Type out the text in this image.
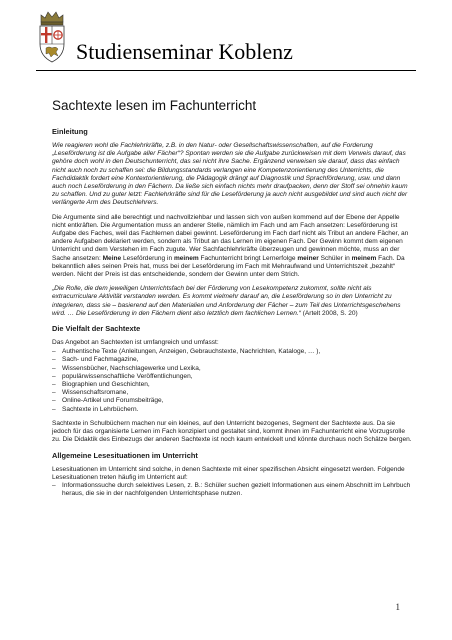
Studienseminar Koblenz
Sachtexte lesen im Fachunterricht
Einleitung

Wie reagieren wohl die Fachlehrkräfte, z.B. in den Natur- oder Gesellschaftswissenschaften, auf die Forderung „Leseförderung ist die Aufgabe aller Fächer“? Spontan werden sie die Aufgabe zurückweisen mit dem Verweis darauf, das gehöre doch wohl in den Deutschunterricht, das sei nicht ihre Sache. Ergänzend verweisen sie darauf, dass das einfach nicht auch noch zu schaffen sei: die Bildungsstandards verlangen eine Kompetenzorientierung des Unterrichts, die Fachdidaktik fordert eine Kontextorientierung, die Pädagogik drängt auf Diagnostik und Sprachförderung, usw. und dann auch noch Leseförderung in den Fächern. Da ließe sich einfach nichts mehr draufpacken, denn der Stoff sei ohnehin kaum zu schaffen. Und zu guter letzt: Fachlehrkräfte sind für die Leseförderung ja auch nicht ausgebildet und sind auch nicht der verlängerte Arm des Deutschlehrers.

Die Argumente sind alle berechtigt und nachvollziehbar und lassen sich von außen kommend auf der Ebene der Appelle nicht entkräften. Die Argumentation muss an anderer Stelle, nämlich im Fach und am Fach ansetzen: Leseförderung ist Aufgabe des Faches, weil das Fachlernen dabei gewinnt. Leseförderung im Fach darf nicht als Tribut an andere Fächer, an andere Aufgaben deklariert werden, sondern als Tribut an das Lernen im eigenen Fach. Der Gewinn kommt dem eigenen Unterricht und dem Verstehen im Fach zugute. Wer Sachfachlehrkräfte überzeugen und gewinnen möchte, muss an der Sache ansetzen: Meine Leseförderung in meinem Fachunterricht bringt Lernerfolge meiner Schüler in meinem Fach. Da bekanntlich alles seinen Preis hat, muss bei der Leseförderung im Fach mit Mehraufwand und Unterrichtszeit „bezahlt“ werden. Nicht der Preis ist das entscheidende, sondern der Gewinn unter dem Strich.

„Die Rolle, die dem jeweiligen Unterrichtsfach bei der Förderung von Lesekompetenz zukommt, sollte nicht als extracurriculare Aktivität verstanden werden. Es kommt vielmehr darauf an, die Leseförderung so in den Unterricht zu integrieren, dass sie – basierend auf den Materialien und Anforderung der Fächer – zum Teil des Unterrichtsgeschehens wird. … Die Leseförderung in den Fächern dient also letztlich dem fachlichen Lernen.“ (Artelt 2008, S. 20)

Die Vielfalt der Sachtexte

Das Angebot an Sachtexten ist umfangreich und umfasst:

– Authentische Texte (Anleitungen, Anzeigen, Gebrauchstexte, Nachrichten, Kataloge, … ),
– Sach- und Fachmagazine,
– Wissensbücher, Nachschlagewerke und Lexika,
– populärwissenschaftliche Veröffentlichungen,
– Biographien und Geschichten,
– Wissenschaftsromane,
– Online-Artikel und Forumsbeiträge,
– Sachtexte in Lehrbüchern.

Sachtexte in Schulbüchern machen nur ein kleines, auf den Unterricht bezogenes, Segment der Sachtexte aus. Da sie jedoch für das organisierte Lernen im Fach konzipiert und gestaltet sind, kommt ihnen im Fachunterricht eine Vorzugsrolle zu. Die Didaktik des Einbezugs der anderen Sachtexte ist noch kaum entwickelt und könnte durchaus noch Schätze bergen.

Allgemeine Lesesituationen im Unterricht

Lesesituationen im Unterricht sind solche, in denen Sachtexte mit einer spezifischen Absicht eingesetzt werden. Folgende Lesesituationen treten häufig im Unterricht auf:

– Informationssuche durch selektives Lesen, z. B.: Schüler suchen gezielt Informationen aus einem Abschnitt im Lehrbuch heraus, die sie in der nachfolgenden Unterrichtsphase nutzen.
1
